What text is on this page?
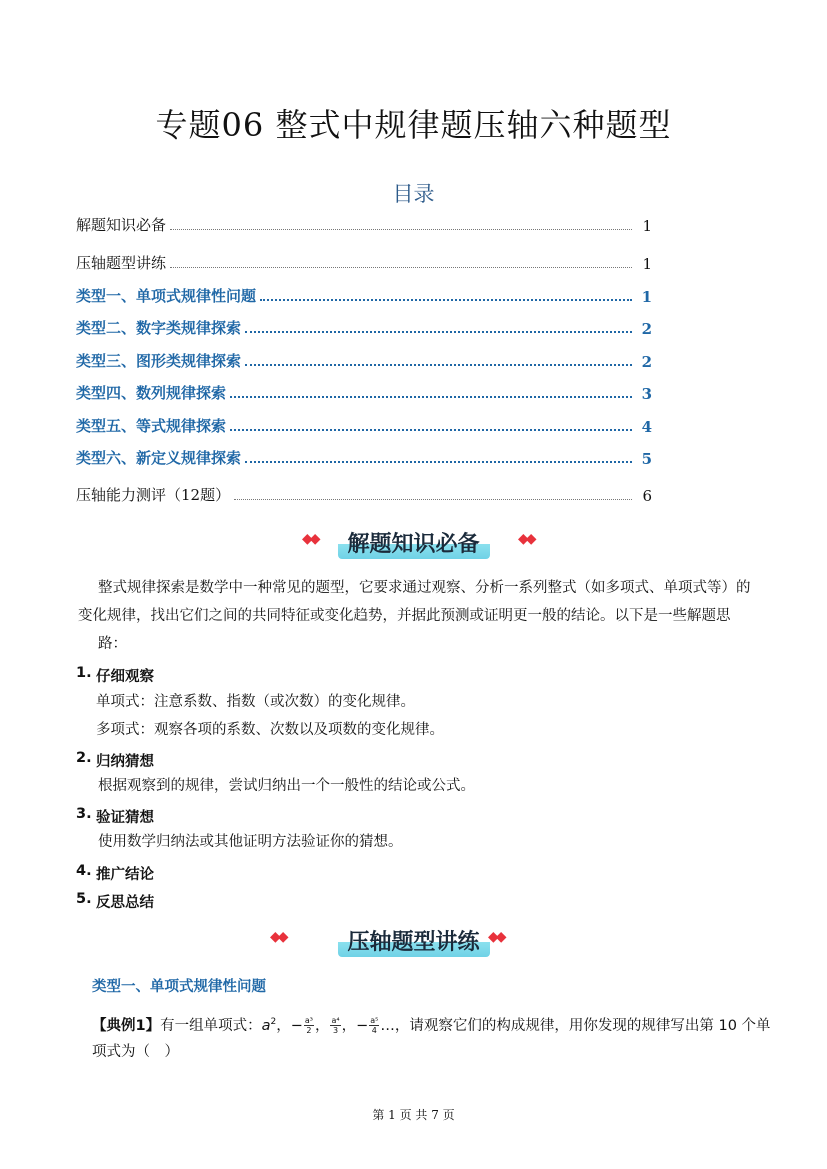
专题06 整式中规律题压轴六种题型
目录
解题知识必备	1
压轴题型讲练	1
类型一、单项式规律性问题	1
类型二、数字类规律探索	2
类型三、图形类规律探索	2
类型四、数列规律探索	3
类型五、等式规律探索	4
类型六、新定义规律探索	5
压轴能力测评（12题）	6
◆◆	解题知识必备	◆◆
整式规律探索是数学中一种常见的题型，它要求通过观察、分析一系列整式（如多项式、单项式等）的
变化规律，找出它们之间的共同特征或变化趋势，并据此预测或证明更一般的结论。以下是一些解题思
路：
1. 仔细观察
单项式：注意系数、指数（或次数）的变化规律。
多项式：观察各项的系数、次数以及项数的变化规律。
2. 归纳猜想
根据观察到的规律，尝试归纳出一个一般性的结论或公式。
3. 验证猜想
使用数学归纳法或其他证明方法验证你的猜想。
4. 推广结论
5. 反思总结
◆◆	压轴题型讲练 ◆◆
类型一、单项式规律性问题
【典例1】有一组单项式：$a^2$，− $\frac{\text{a³}}{2}$ ， $\frac{\text{a⁴}}{3}$ ，− $\frac{\text{a⁵}}{4}$ …，请观察它们的构成规律，用你发现的规律写出第 10 个单
项式为（　）
第 1 页 共 7 页
